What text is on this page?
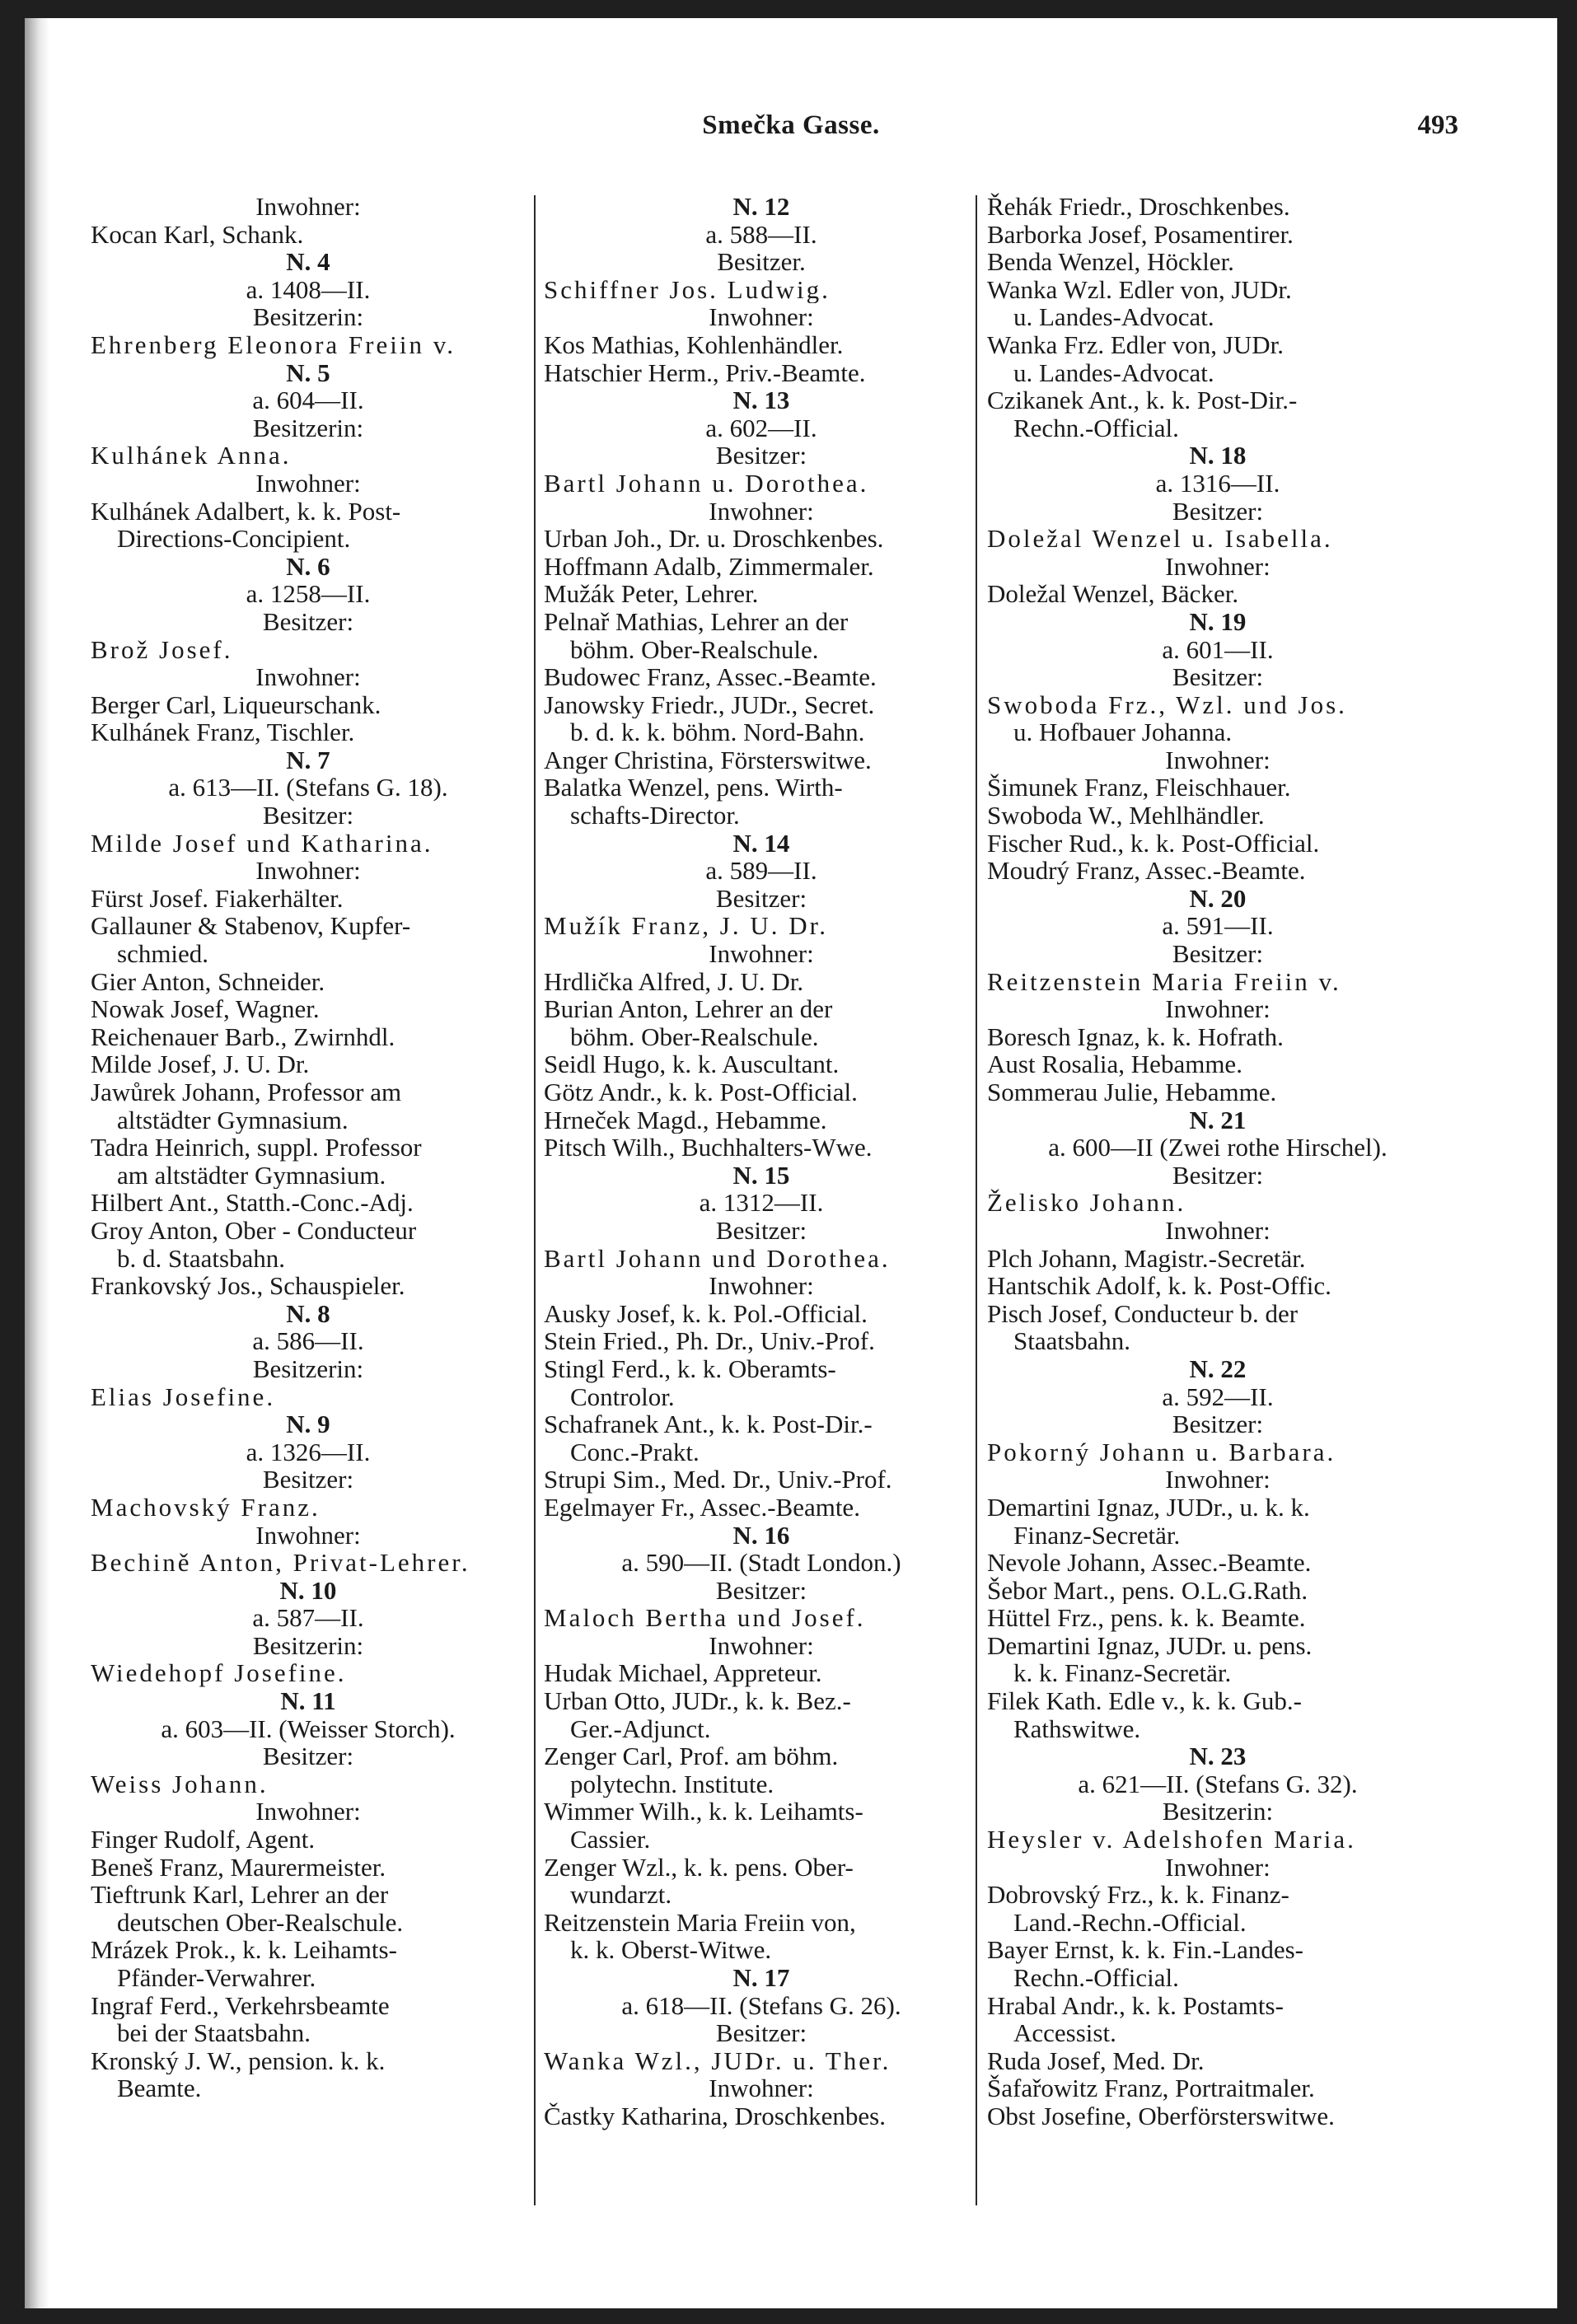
Smečka Gasse.	493
Inwohner:
Kocan Karl, Schank.
N. 4
a. 1408—II.
Besitzerin:
Ehrenberg Eleonora Freiin v.
N. 5
a. 604—II.
Besitzerin:
Kulhánek Anna.
Inwohner:
Kulhánek Adalbert, k. k. Post-
Directions-Concipient.
N. 6
a. 1258—II.
Besitzer:
Brož Josef.
Inwohner:
Berger Carl, Liqueurschank.
Kulhánek Franz, Tischler.
N. 7
a. 613—II. (Stefans G. 18).
Besitzer:
Milde Josef und Katharina.
Inwohner:
Fürst Josef. Fiakerhälter.
Gallauner & Stabenov, Kupfer-
schmied.
Gier Anton, Schneider.
Nowak Josef, Wagner.
Reichenauer Barb., Zwirnhdl.
Milde Josef, J. U. Dr.
Jawůrek Johann, Professor am
altstädter Gymnasium.
Tadra Heinrich, suppl. Professor
am altstädter Gymnasium.
Hilbert Ant., Statth.-Conc.-Adj.
Groy Anton, Ober - Conducteur
b. d. Staatsbahn.
Frankovský Jos., Schauspieler.
N. 8
a. 586—II.
Besitzerin:
Elias Josefine.
N. 9
a. 1326—II.
Besitzer:
Machovský Franz.
Inwohner:
Bechině Anton, Privat-Lehrer.
N. 10
a. 587—II.
Besitzerin:
Wiedehopf Josefine.
N. 11
a. 603—II. (Weisser Storch).
Besitzer:
Weiss Johann.
Inwohner:
Finger Rudolf, Agent.
Beneš Franz, Maurermeister.
Tieftrunk Karl, Lehrer an der
deutschen Ober-Realschule.
Mrázek Prok., k. k. Leihamts-
Pfänder-Verwahrer.
Ingraf Ferd., Verkehrsbeamte
bei der Staatsbahn.
Kronský J. W., pension. k. k.
Beamte.
N. 12
a. 588—II.
Besitzer.
Schiffner Jos. Ludwig.
Inwohner:
Kos Mathias, Kohlenhändler.
Hatschier Herm., Priv.-Beamte.
N. 13
a. 602—II.
Besitzer:
Bartl Johann u. Dorothea.
Inwohner:
Urban Joh., Dr. u. Droschkenbes.
Hoffmann Adalb, Zimmermaler.
Mužák Peter, Lehrer.
Pelnař Mathias, Lehrer an der
böhm. Ober-Realschule.
Budowec Franz, Assec.-Beamte.
Janowsky Friedr., JUDr., Secret.
b. d. k. k. böhm. Nord-Bahn.
Anger Christina, Försterswitwe.
Balatka Wenzel, pens. Wirth-
schafts-Director.
N. 14
a. 589—II.
Besitzer:
Mužík Franz, J. U. Dr.
Inwohner:
Hrdlička Alfred, J. U. Dr.
Burian Anton, Lehrer an der
böhm. Ober-Realschule.
Seidl Hugo, k. k. Auscultant.
Götz Andr., k. k. Post-Official.
Hrneček Magd., Hebamme.
Pitsch Wilh., Buchhalters-Wwe.
N. 15
a. 1312—II.
Besitzer:
Bartl Johann und Dorothea.
Inwohner:
Ausky Josef, k. k. Pol.-Official.
Stein Fried., Ph. Dr., Univ.-Prof.
Stingl Ferd., k. k. Oberamts-
Controlor.
Schafranek Ant., k. k. Post-Dir.-
Conc.-Prakt.
Strupi Sim., Med. Dr., Univ.-Prof.
Egelmayer Fr., Assec.-Beamte.
N. 16
a. 590—II. (Stadt London.)
Besitzer:
Maloch Bertha und Josef.
Inwohner:
Hudak Michael, Appreteur.
Urban Otto, JUDr., k. k. Bez.-
Ger.-Adjunct.
Zenger Carl, Prof. am böhm.
polytechn. Institute.
Wimmer Wilh., k. k. Leihamts-
Cassier.
Zenger Wzl., k. k. pens. Ober-
wundarzt.
Reitzenstein Maria Freiin von,
k. k. Oberst-Witwe.
N. 17
a. 618—II. (Stefans G. 26).
Besitzer:
Wanka Wzl., JUDr. u. Ther.
Inwohner:
Častky Katharina, Droschkenbes.
Řehák Friedr., Droschkenbes.
Barborka Josef, Posamentirer.
Benda Wenzel, Höckler.
Wanka Wzl. Edler von, JUDr.
u. Landes-Advocat.
Wanka Frz. Edler von, JUDr.
u. Landes-Advocat.
Czikanek Ant., k. k. Post-Dir.-
Rechn.-Official.
N. 18
a. 1316—II.
Besitzer:
Doležal Wenzel u. Isabella.
Inwohner:
Doležal Wenzel, Bäcker.
N. 19
a. 601—II.
Besitzer:
Swoboda Frz., Wzl. und Jos.
u. Hofbauer Johanna.
Inwohner:
Šimunek Franz, Fleischhauer.
Swoboda W., Mehlhändler.
Fischer Rud., k. k. Post-Official.
Moudrý Franz, Assec.-Beamte.
N. 20
a. 591—II.
Besitzer:
Reitzenstein Maria Freiin v.
Inwohner:
Boresch Ignaz, k. k. Hofrath.
Aust Rosalia, Hebamme.
Sommerau Julie, Hebamme.
N. 21
a. 600—II (Zwei rothe Hirschel).
Besitzer:
Želisko Johann.
Inwohner:
Plch Johann, Magistr.-Secretär.
Hantschik Adolf, k. k. Post-Offic.
Pisch Josef, Conducteur b. der
Staatsbahn.
N. 22
a. 592—II.
Besitzer:
Pokorný Johann u. Barbara.
Inwohner:
Demartini Ignaz, JUDr., u. k. k.
Finanz-Secretär.
Nevole Johann, Assec.-Beamte.
Šebor Mart., pens. O.L.G.Rath.
Hüttel Frz., pens. k. k. Beamte.
Demartini Ignaz, JUDr. u. pens.
k. k. Finanz-Secretär.
Filek Kath. Edle v., k. k. Gub.-
Rathswitwe.
N. 23
a. 621—II. (Stefans G. 32).
Besitzerin:
Heysler v. Adelshofen Maria.
Inwohner:
Dobrovský Frz., k. k. Finanz-
Land.-Rechn.-Official.
Bayer Ernst, k. k. Fin.-Landes-
Rechn.-Official.
Hrabal Andr., k. k. Postamts-
Accessist.
Ruda Josef, Med. Dr.
Šafařowitz Franz, Portraitmaler.
Obst Josefine, Oberförsterswitwe.
